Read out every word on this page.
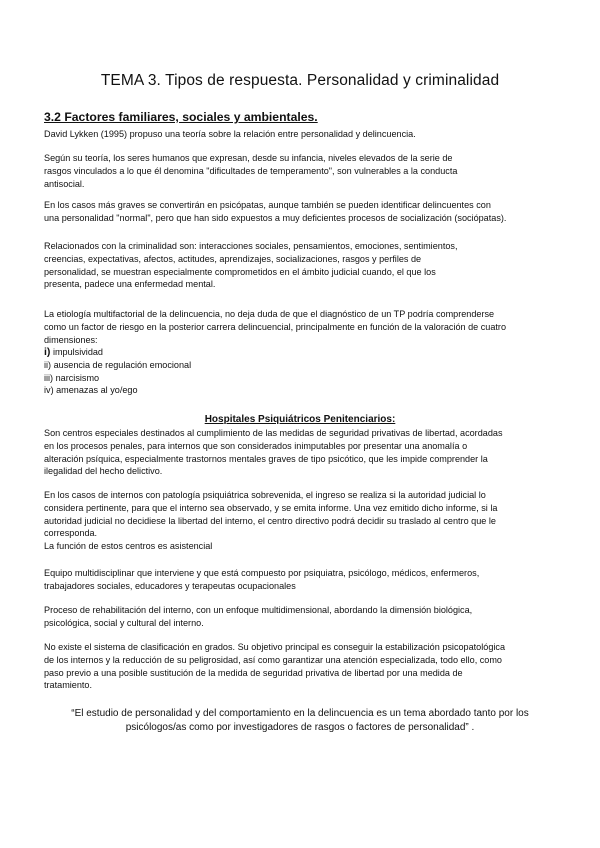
TEMA 3. Tipos de respuesta. Personalidad y criminalidad
3.2 Factores familiares, sociales y ambientales.
David Lykken (1995) propuso una teoría sobre la relación entre personalidad y delincuencia.
Según su teoría, los seres humanos que expresan, desde su infancia, niveles elevados de la serie de
rasgos vinculados a lo que él denomina "dificultades de temperamento", son vulnerables a la conducta
antisocial.
En los casos más graves se convertirán en psicópatas, aunque también se pueden identificar delincuentes con
una personalidad "normal", pero que han sido expuestos a muy deficientes procesos de socialización (sociópatas).
Relacionados con la criminalidad son: interacciones sociales, pensamientos, emociones, sentimientos,
creencias, expectativas, afectos, actitudes, aprendizajes, socializaciones, rasgos y perfiles de
personalidad, se muestran especialmente comprometidos en el ámbito judicial cuando, el que los
presenta, padece una enfermedad mental.
La etiología multifactorial de la delincuencia, no deja duda de que el diagnóstico de un TP podría comprenderse
como un factor de riesgo en la posterior carrera delincuencial, principalmente en función de la valoración de cuatro
dimensiones:
i) impulsividad
ii) ausencia de regulación emocional
iii) narcisismo
iv) amenazas al yo/ego
Hospitales Psiquiátricos Penitenciarios:
Son centros especiales destinados al cumplimiento de las medidas de seguridad privativas de libertad, acordadas
en los procesos penales, para internos que son considerados inimputables por presentar una anomalía o
alteración psíquica, especialmente trastornos mentales graves de tipo psicótico, que les impide comprender la
ilegalidad del hecho delictivo.
En los casos de internos con patología psiquiátrica sobrevenida, el ingreso se realiza si la autoridad judicial lo
considera pertinente, para que el interno sea observado, y se emita informe. Una vez emitido dicho informe, si la
autoridad judicial no decidiese la libertad del interno, el centro directivo podrá decidir su traslado al centro que le
corresponda.
La función de estos centros es asistencial
Equipo multidisciplinar que interviene y que está compuesto por psiquiatra, psicólogo, médicos, enfermeros,
trabajadores sociales, educadores y terapeutas ocupacionales
Proceso de rehabilitación del interno, con un enfoque multidimensional, abordando la dimensión biológica,
psicológica, social y cultural del interno.
No existe el sistema de clasificación en grados. Su objetivo principal es conseguir la estabilización psicopatológica
de los internos y la reducción de su peligrosidad, así como garantizar una atención especializada, todo ello, como
paso previo a una posible sustitución de la medida de seguridad privativa de libertad por una medida de
tratamiento.
“El estudio de personalidad y del comportamiento en la delincuencia es un tema abordado tanto por los
psicólogos/as como por investigadores de rasgos o factores de personalidad” .
